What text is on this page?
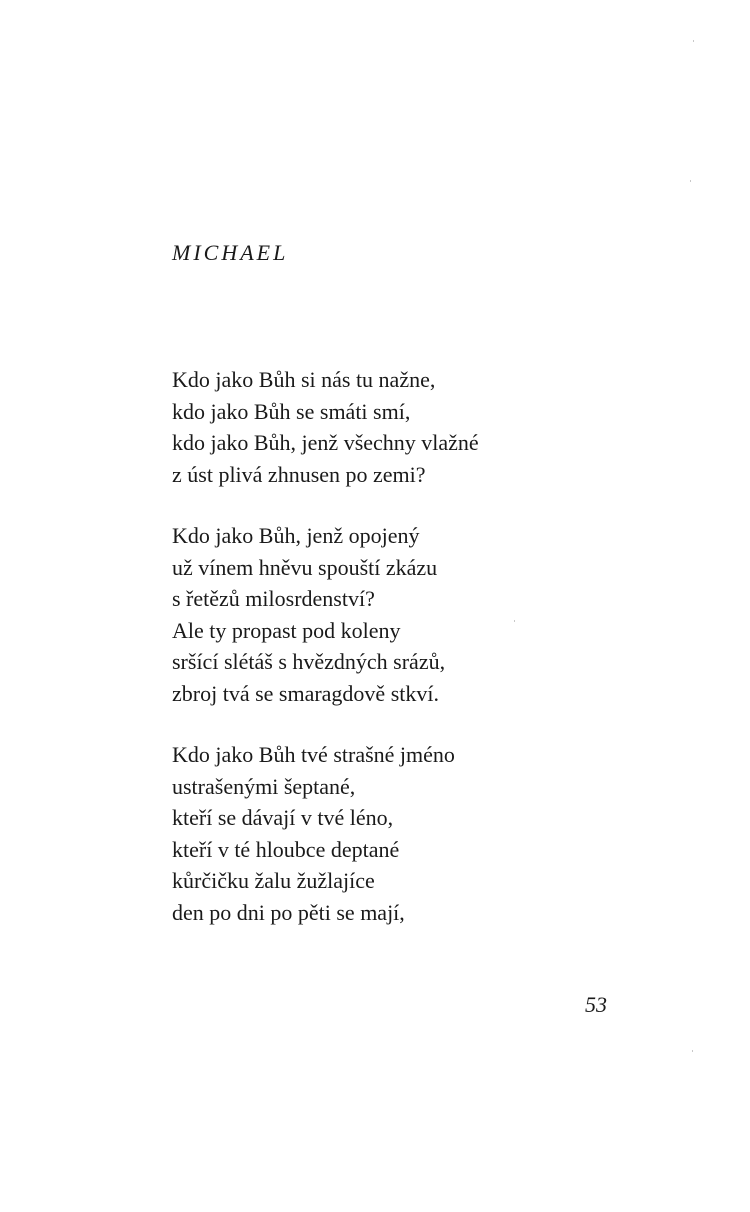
MICHAEL
Kdo jako Bůh si nás tu nažne,
kdo jako Bůh se smáti smí,
kdo jako Bůh, jenž všechny vlažné
z úst plivá zhnusen po zemi?
Kdo jako Bůh, jenž opojený
už vínem hněvu spouští zkázu
s řetězů milosrdenství?
Ale ty propast pod koleny
sršící slétáš s hvězdných srázů,
zbroj tvá se smaragdově stkví.
Kdo jako Bůh tvé strašné jméno
ustrašenými šeptané,
kteří se dávají v tvé léno,
kteří v té hloubce deptané
kůrčičku žalu žužlajíce
den po dni po pěti se mají,

53
